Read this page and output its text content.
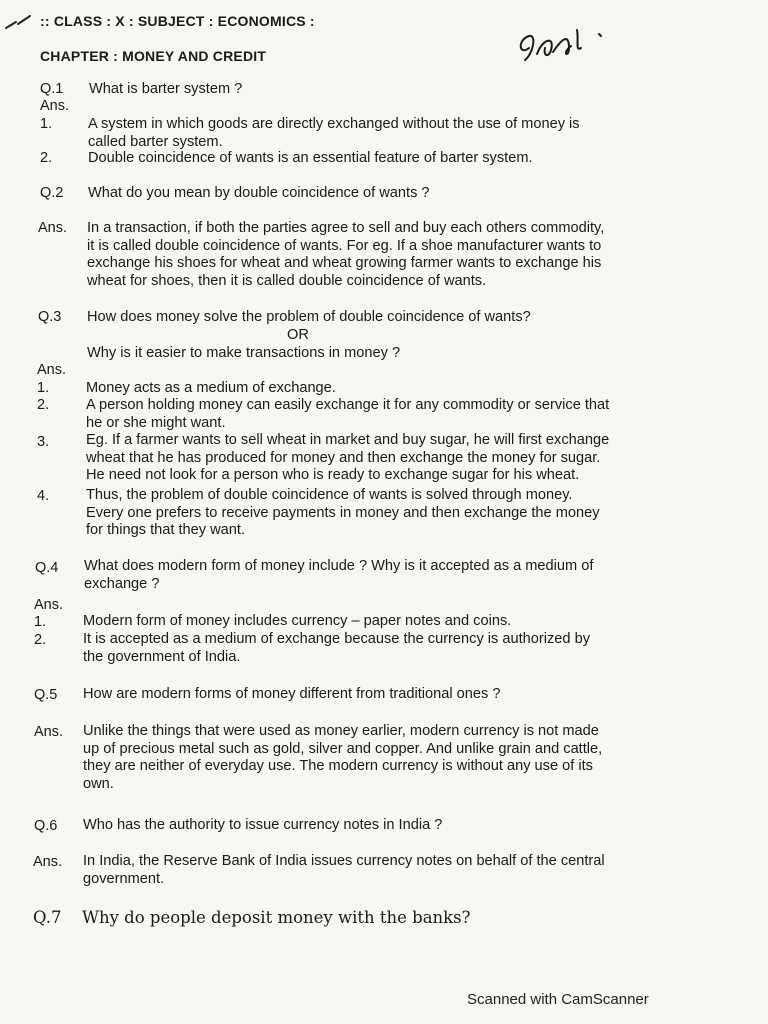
:: CLASS : X : SUBJECT : ECONOMICS :
CHAPTER : MONEY AND CREDIT
Q.1 What is barter system ?
Ans.
1. A system in which goods are directly exchanged without the use of money is
called barter system.
2. Double coincidence of wants is an essential feature of barter system.
Q.2 What do you mean by double coincidence of wants ?
Ans. In a transaction, if both the parties agree to sell and buy each others commodity,
it is called double coincidence of wants. For eg. If a shoe manufacturer wants to
exchange his shoes for wheat and wheat growing farmer wants to exchange his
wheat for shoes, then it is called double coincidence of wants.
Q.3 How does money solve the problem of double coincidence of wants?
OR
Why is it easier to make transactions in money ?
Ans.
1.	Money acts as a medium of exchange.
2.	A person holding money can easily exchange it for any commodity or service that
he or she might want.
3.	Eg. If a farmer wants to sell wheat in market and buy sugar, he will first exchange
wheat that he has produced for money and then exchange the money for sugar.
He need not look for a person who is ready to exchange sugar for his wheat.
4.	Thus, the problem of double coincidence of wants is solved through money.
Every one prefers to receive payments in money and then exchange the money
for things that they want.
Q.4 What does modern form of money include ? Why is it accepted as a medium of
exchange ?
Ans.
1.	Modern form of money includes currency – paper notes and coins.
2.	It is accepted as a medium of exchange because the currency is authorized by
the government of India.
Q.5 How are modern forms of money different from traditional ones ?
Ans. Unlike the things that were used as money earlier, modern currency is not made
up of precious metal such as gold, silver and copper. And unlike grain and cattle,
they are neither of everyday use. The modern currency is without any use of its
own.
Q.6 Who has the authority to issue currency notes in India ?
Ans. In India, the Reserve Bank of India issues currency notes on behalf of the central
government.
Q.7 Why do people deposit money with the banks?
Scanned with CamScanner
